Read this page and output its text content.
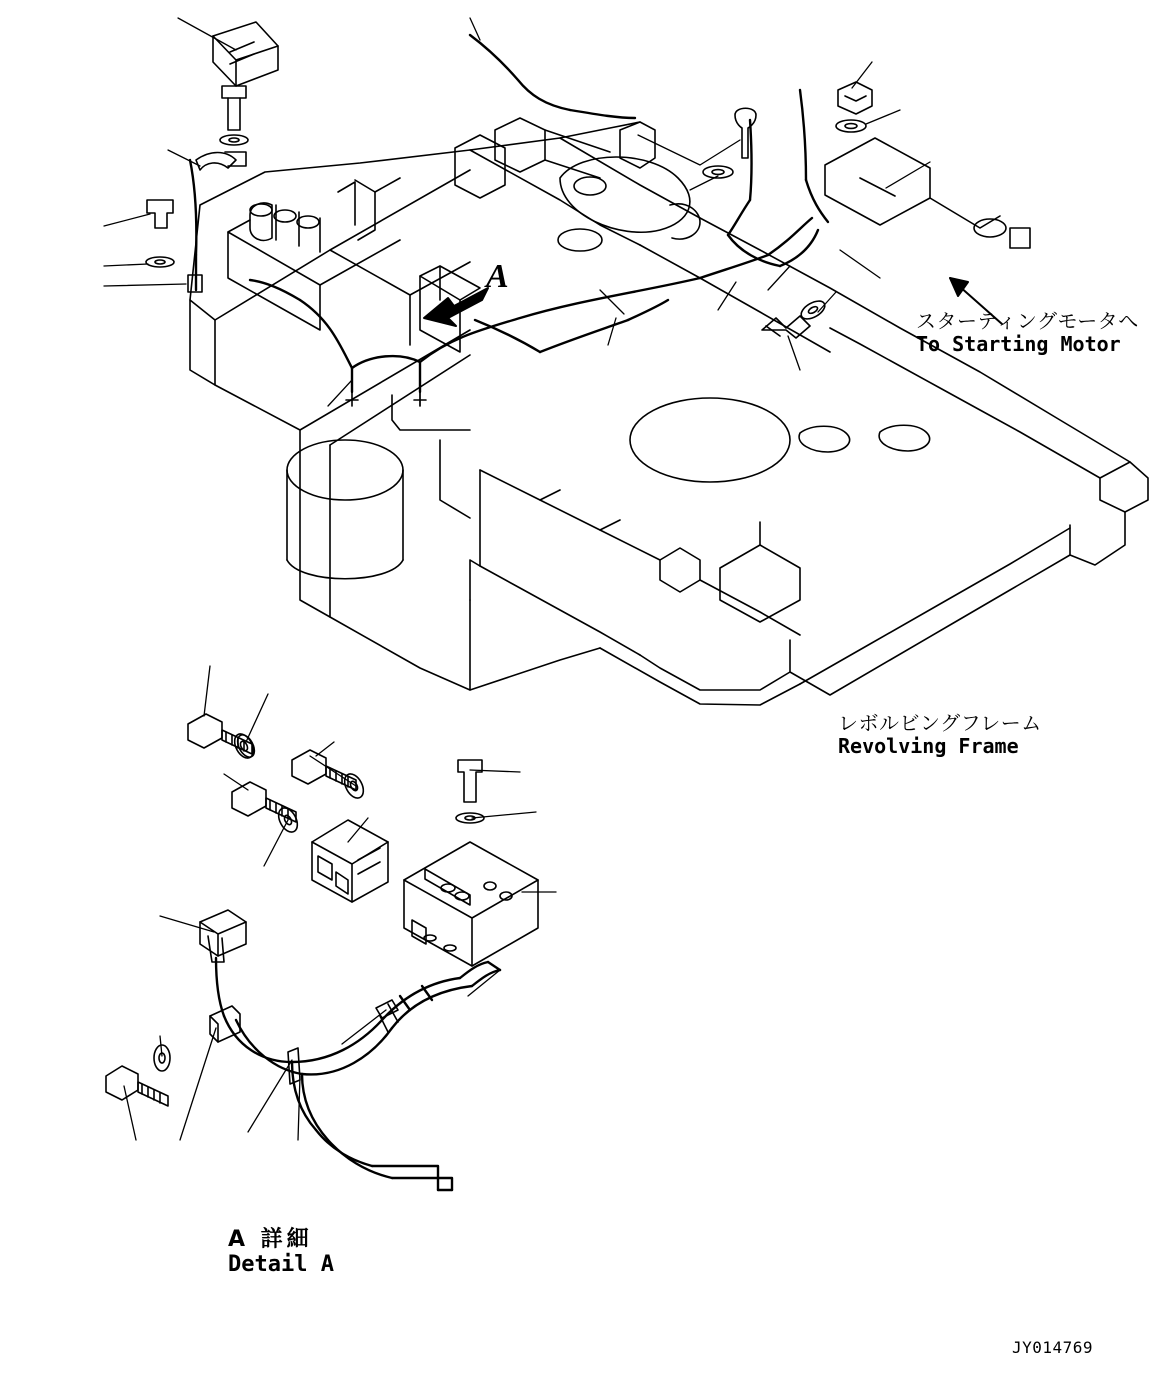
A
スターティングモータへ
To Starting Motor
レボルビングフレーム
Revolving Frame
A 詳細
Detail A
JY014769
